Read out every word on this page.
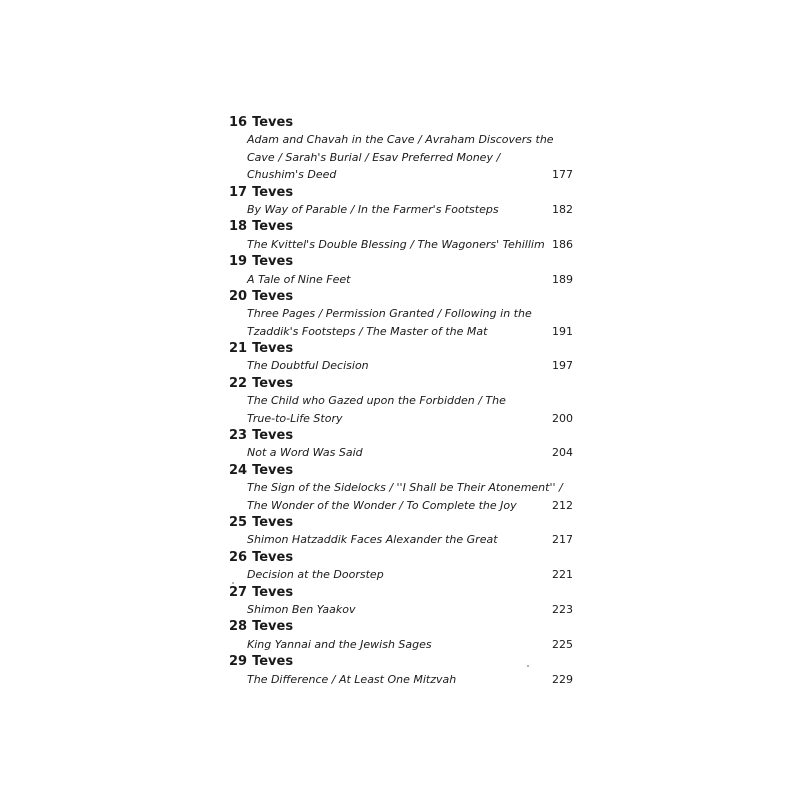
16 Teves
Adam and Chavah in the Cave / Avraham Discovers the
Cave / Sarah's Burial / Esav Preferred Money /
Chushim's Deed	177
17 Teves
By Way of Parable / In the Farmer's Footsteps	182
18 Teves
The Kvittel's Double Blessing / The Wagoners' Tehillim 186
19 Teves
A Tale of Nine Feet	189
20 Teves
Three Pages / Permission Granted / Following in the
Tzaddik's Footsteps / The Master of the Mat	191
21 Teves
The Doubtful Decision	197
22 Teves
The Child who Gazed upon the Forbidden / The
True-to-Life Story	200
23 Teves
Not a Word Was Said	204
24 Teves
The Sign of the Sidelocks / ''I Shall be Their Atonement'' /
The Wonder of the Wonder / To Complete the Joy	212
25 Teves
Shimon Hatzaddik Faces Alexander the Great	217
26 Teves
Decision at the Doorstep	221
27 Teves
Shimon Ben Yaakov	223
28 Teves
King Yannai and the Jewish Sages	225
29 Teves
The Difference / At Least One Mitzvah	229
